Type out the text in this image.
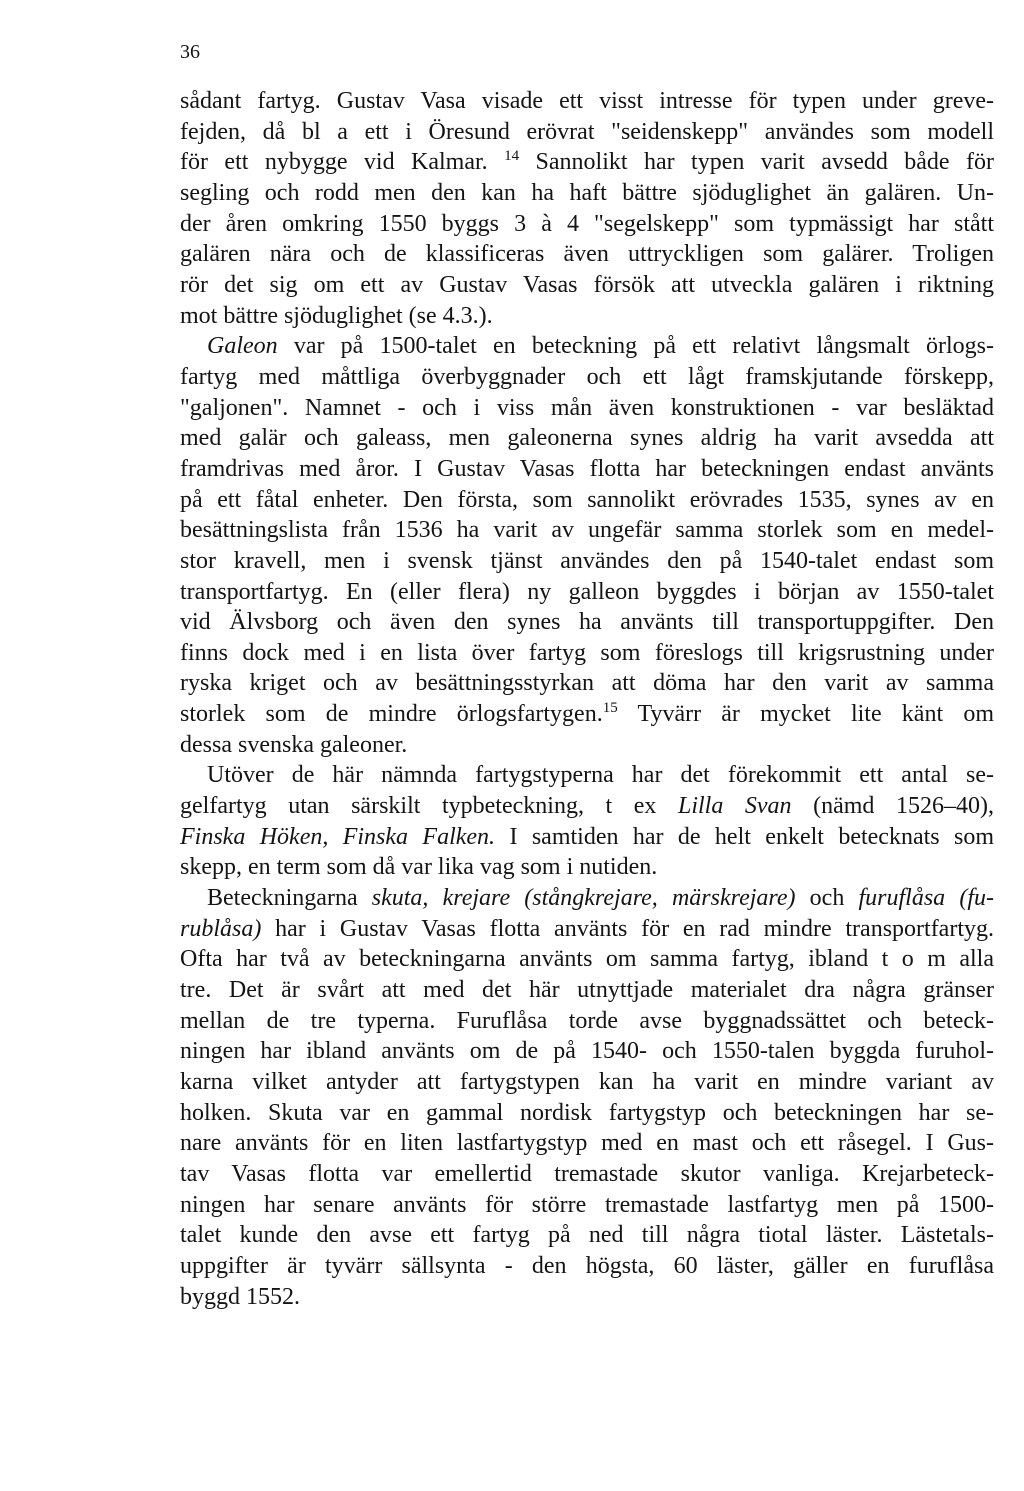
36
sådant fartyg. Gustav Vasa visade ett visst intresse för typen under greve-
fejden, då bl a ett i Öresund erövrat "seidenskepp" användes som modell
för ett nybygge vid Kalmar. $^{14}$ Sannolikt har typen varit avsedd både för
segling och rodd men den kan ha haft bättre sjöduglighet än galären. Un-
der åren omkring 1550 byggs 3 à 4 "segelskepp" som typmässigt har stått
galären nära och de klassificeras även uttryckligen som galärer. Troligen
rör det sig om ett av Gustav Vasas försök att utveckla galären i riktning
mot bättre sjöduglighet (se 4.3.).
Galeon var på 1500-talet en beteckning på ett relativt långsmalt örlogs-
fartyg med måttliga överbyggnader och ett lågt framskjutande förskepp,
"galjonen". Namnet - och i viss mån även konstruktionen - var besläktad
med galär och galeass, men galeonerna synes aldrig ha varit avsedda att
framdrivas med åror. I Gustav Vasas flotta har beteckningen endast använts
på ett fåtal enheter. Den första, som sannolikt erövrades 1535, synes av en
besättningslista från 1536 ha varit av ungefär samma storlek som en medel-
stor kravell, men i svensk tjänst användes den på 1540-talet endast som
transportfartyg. En (eller flera) ny galleon byggdes i början av 1550-talet
vid Älvsborg och även den synes ha använts till transportuppgifter. Den
finns dock med i en lista över fartyg som föreslogs till krigsrustning under
ryska kriget och av besättningsstyrkan att döma har den varit av samma
storlek som de mindre örlogsfartygen.$^{15}$ Tyvärr är mycket lite känt om
dessa svenska galeoner.
Utöver de här nämnda fartygstyperna har det förekommit ett antal se-
gelfartyg utan särskilt typbeteckning, t ex Lilla Svan (nämd 1526–40),
Finska Höken, Finska Falken. I samtiden har de helt enkelt betecknats som
skepp, en term som då var lika vag som i nutiden.
Beteckningarna skuta, krejare (stångkrejare, märskrejare) och furuflåsa (fu-
rublåsa) har i Gustav Vasas flotta använts för en rad mindre transportfartyg.
Ofta har två av beteckningarna använts om samma fartyg, ibland t o m alla
tre. Det är svårt att med det här utnyttjade materialet dra några gränser
mellan de tre typerna. Furuflåsa torde avse byggnadssättet och beteck-
ningen har ibland använts om de på 1540- och 1550-talen byggda furuhol-
karna vilket antyder att fartygstypen kan ha varit en mindre variant av
holken. Skuta var en gammal nordisk fartygstyp och beteckningen har se-
nare använts för en liten lastfartygstyp med en mast och ett råsegel. I Gus-
tav Vasas flotta var emellertid tremastade skutor vanliga. Krejarbeteck-
ningen har senare använts för större tremastade lastfartyg men på 1500-
talet kunde den avse ett fartyg på ned till några tiotal läster. Lästetals-
uppgifter är tyvärr sällsynta - den högsta, 60 läster, gäller en furuflåsa
byggd 1552.
